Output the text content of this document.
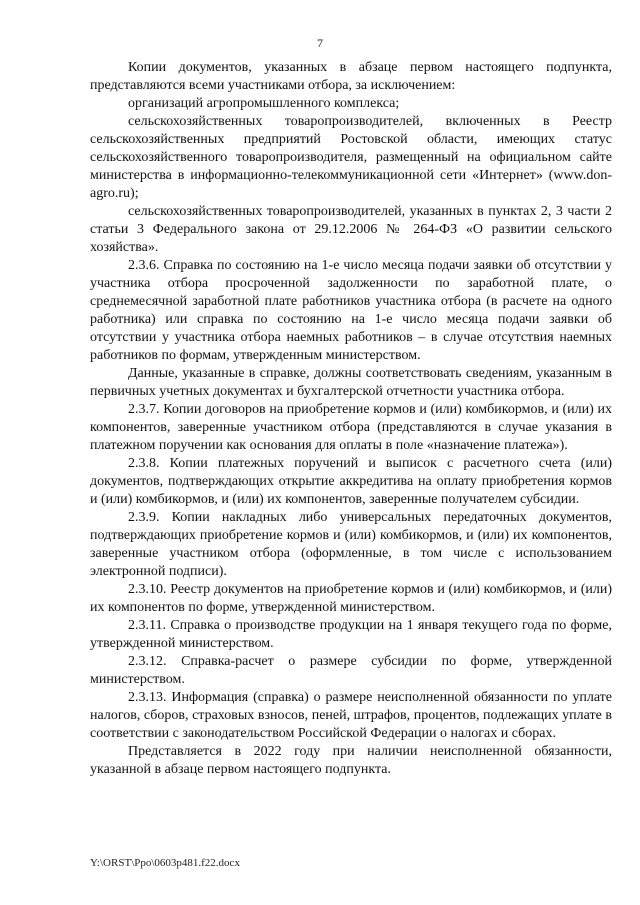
7

Копии документов, указанных в абзаце первом настоящего подпункта, представляются всеми участниками отбора, за исключением:

организаций агропромышленного комплекса;

сельскохозяйственных товаропроизводителей, включенных в Реестр сельскохозяйственных предприятий Ростовской области, имеющих статус сельскохозяйственного товаропроизводителя, размещенный на официальном сайте министерства в информационно-телекоммуникационной сети «Интернет» (www.don-agro.ru);

сельскохозяйственных товаропроизводителей, указанных в пунктах 2, 3 части 2 статьи 3 Федерального закона от 29.12.2006 № 264-ФЗ «О развитии сельского хозяйства».

2.3.6. Справка по состоянию на 1-е число месяца подачи заявки об отсутствии у участника отбора просроченной задолженности по заработной плате, о среднемесячной заработной плате работников участника отбора (в расчете на одного работника) или справка по состоянию на 1-е число месяца подачи заявки об отсутствии у участника отбора наемных работников – в случае отсутствия наемных работников по формам, утвержденным министерством.

Данные, указанные в справке, должны соответствовать сведениям, указанным в первичных учетных документах и бухгалтерской отчетности участника отбора.

2.3.7. Копии договоров на приобретение кормов и (или) комбикормов, и (или) их компонентов, заверенные участником отбора (представляются в случае указания в платежном поручении как основания для оплаты в поле «назначение платежа»).

2.3.8. Копии платежных поручений и выписок с расчетного счета (или) документов, подтверждающих открытие аккредитива на оплату приобретения кормов и (или) комбикормов, и (или) их компонентов, заверенные получателем субсидии.

2.3.9. Копии накладных либо универсальных передаточных документов, подтверждающих приобретение кормов и (или) комбикормов, и (или) их компонентов, заверенные участником отбора (оформленные, в том числе с использованием электронной подписи).

2.3.10. Реестр документов на приобретение кормов и (или) комбикормов, и (или) их компонентов по форме, утвержденной министерством.

2.3.11. Справка о производстве продукции на 1 января текущего года по форме, утвержденной министерством.

2.3.12. Справка-расчет о размере субсидии по форме, утвержденной министерством.

2.3.13. Информация (справка) о размере неисполненной обязанности по уплате налогов, сборов, страховых взносов, пеней, штрафов, процентов, подлежащих уплате в соответствии с законодательством Российской Федерации о налогах и сборах.

Представляется в 2022 году при наличии неисполненной обязанности, указанной в абзаце первом настоящего подпункта.

Y:\ORST\Ppo\0603p481.f22.docx
